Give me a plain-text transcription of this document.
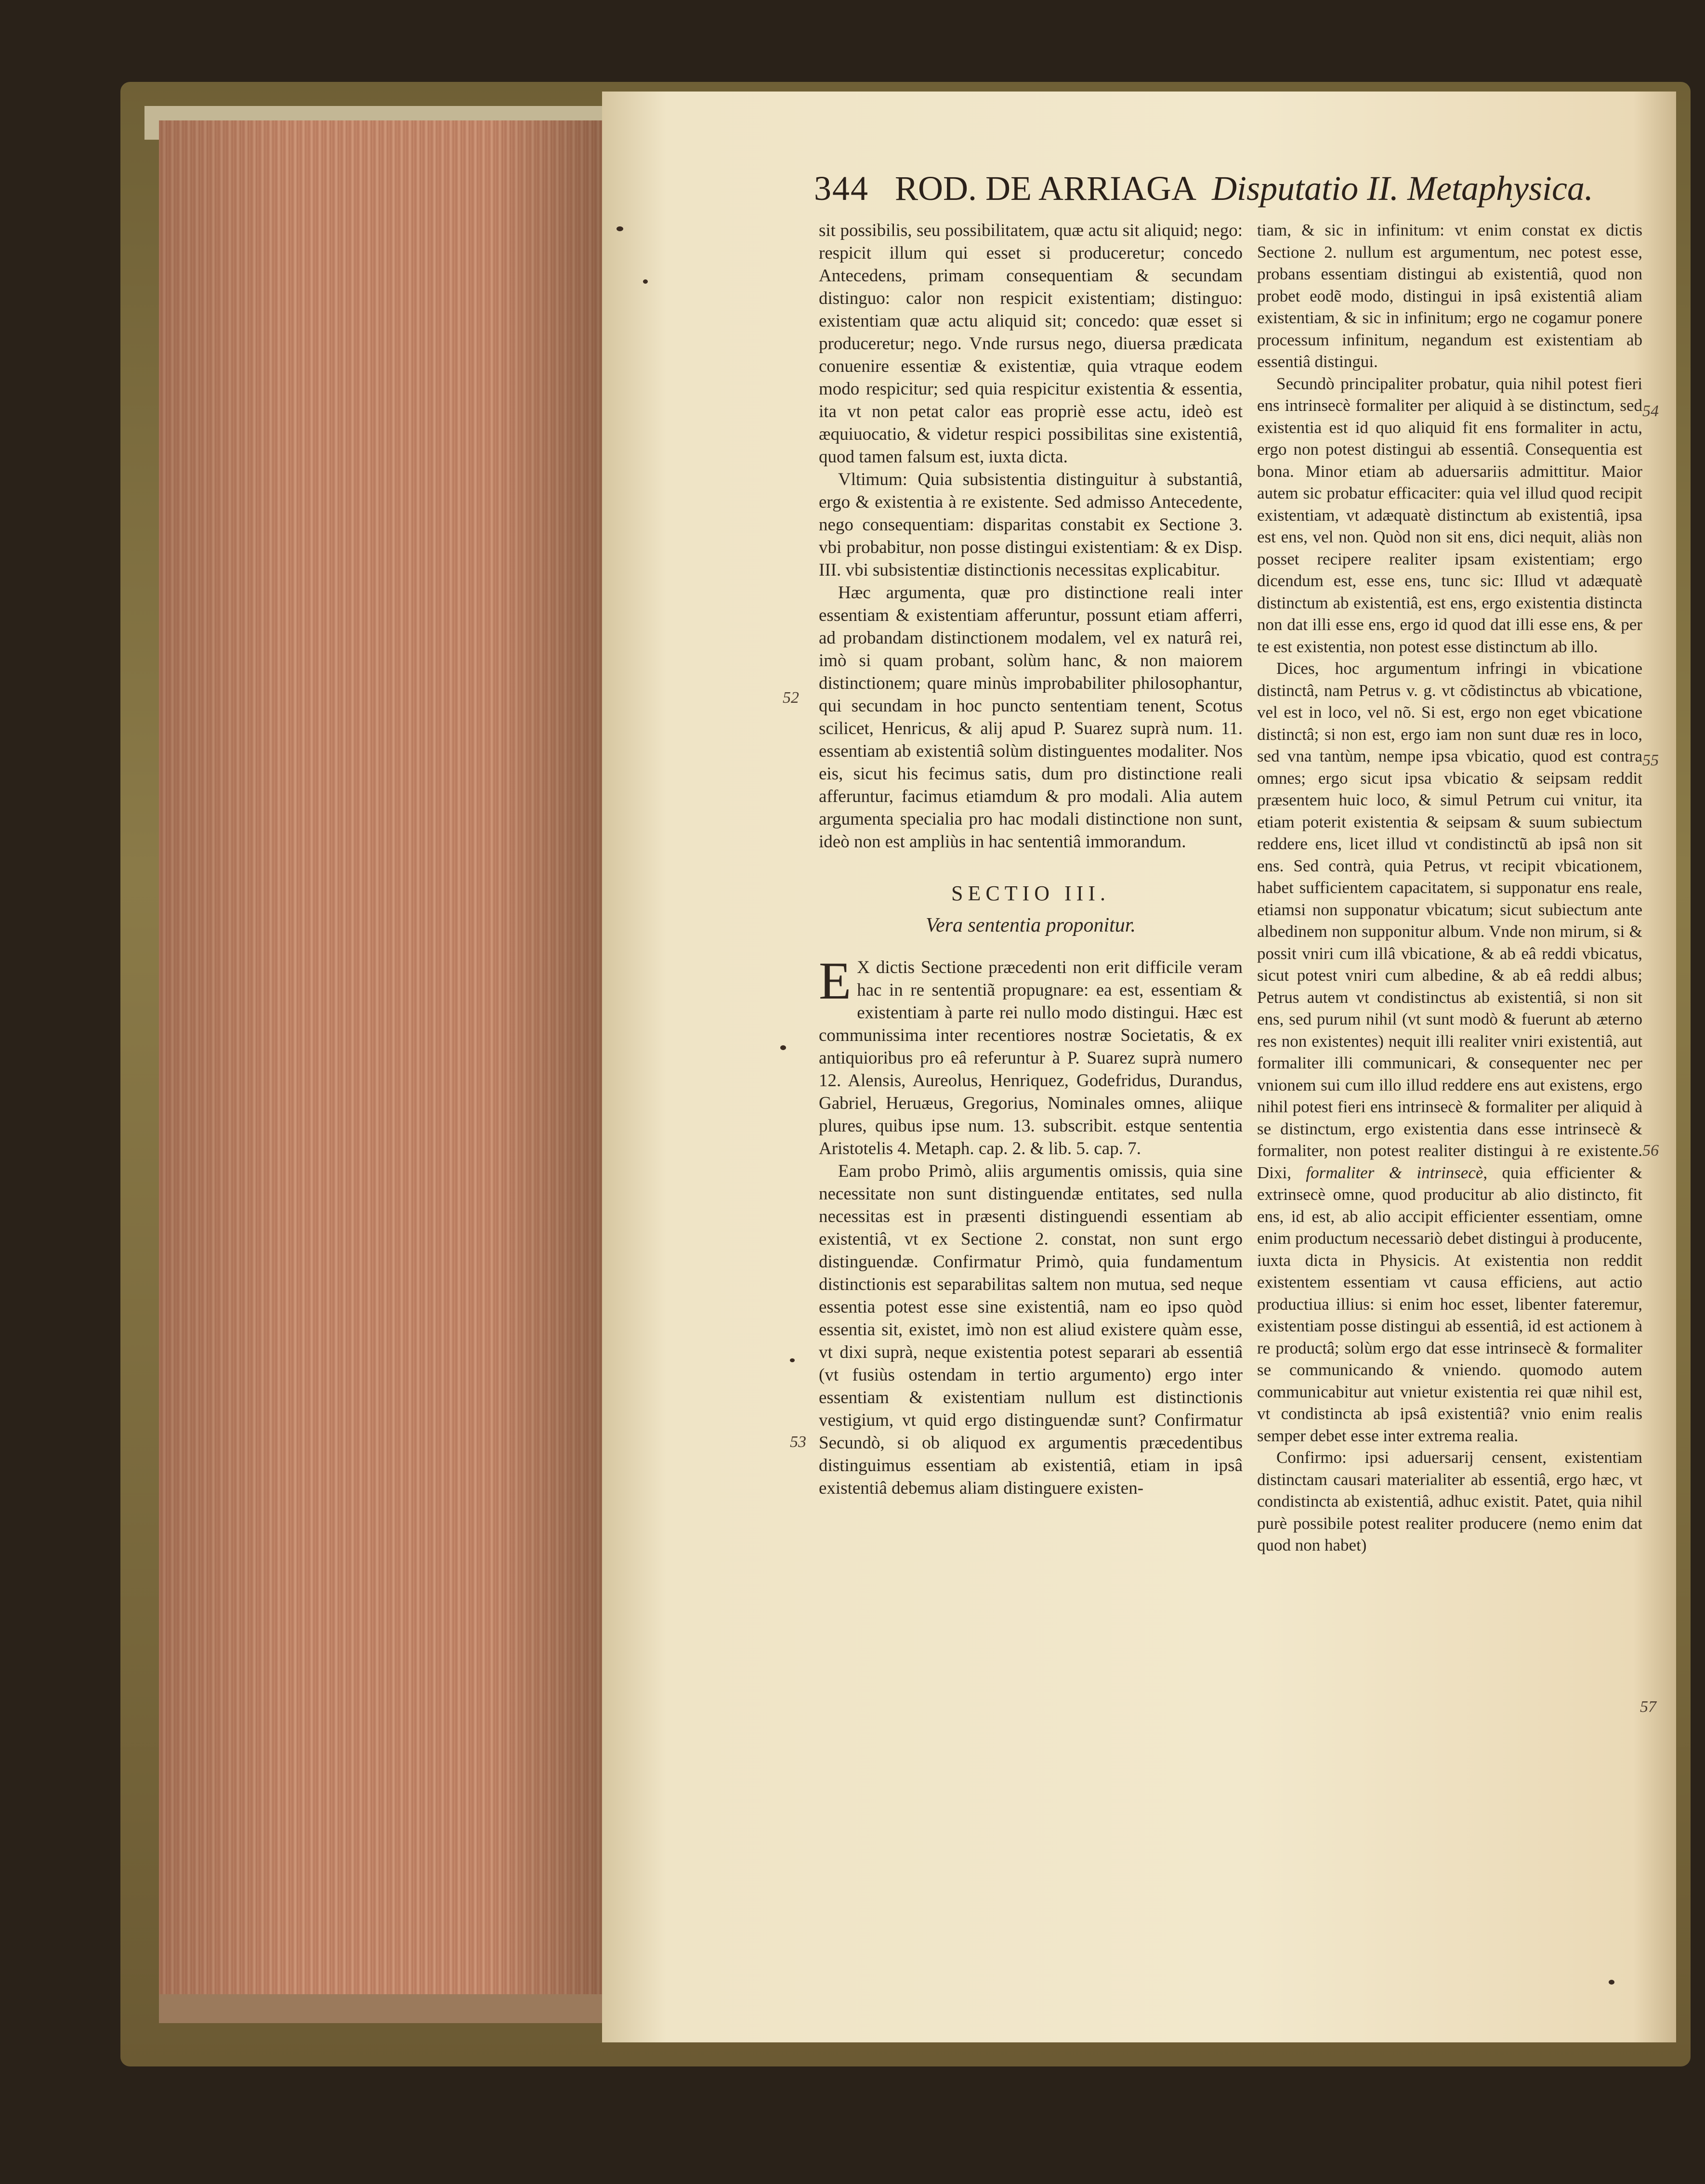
344 ROD. DE ARRIAGA Disputatio II. Metaphysica.

sit possibilis, seu possibilitatem, quæ actu sit aliquid; nego: respicit illum qui esset si produceretur; concedo Antecedens, primam consequentiam & secundam distinguo: calor non respicit existentiam; distinguo: existentiam quæ actu aliquid sit; concedo: quæ esset si produceretur; nego. Vnde rursus nego, diuersa prædicata conuenire essentiæ & existentiæ, quia vtraque eodem modo respicitur; sed quia respicitur existentia & essentia, ita vt non petat calor eas propriè esse actu, ideò est æquiuocatio, & videtur respici possibilitas sine existentiâ, quod tamen falsum est, iuxta dicta.

Vltimum: Quia subsistentia distinguitur à substantiâ, ergo & existentia à re existente. Sed admisso Antecedente, nego consequentiam: disparitas constabit ex Sectione 3. vbi probabitur, non posse distingui existentiam: & ex Disp. III. vbi subsistentiæ distinctionis necessitas explicabitur.

Hæc argumenta, quæ pro distinctione reali inter essentiam & existentiam afferuntur, possunt etiam afferri, ad probandam distinctionem modalem, vel ex naturâ rei, imò si quam probant, solùm hanc, & non maiorem distinctionem; quare minùs improbabiliter philosophantur, qui secundam in hoc puncto sententiam tenent, Scotus scilicet, Henricus, & alij apud P. Suarez suprà num. 11. essentiam ab existentiâ solùm distinguentes modaliter. Nos eis, sicut his fecimus satis, dum pro distinctione reali afferuntur, facimus etiamdum & pro modali. Alia autem argumenta specialia pro hac modali distinctione non sunt, ideò non est ampliùs in hac sententiâ immorandum.

SECTIO III.
Vera sententia proponitur.

E X dictis Sectione præcedenti non erit difficile veram hac in re sententiã propugnare: ea est, essentiam & existentiam à parte rei nullo modo distingui. Hæc est communissima inter recentiores nostræ Societatis, & ex antiquioribus pro eâ referuntur à P. Suarez suprà numero 12. Alensis, Aureolus, Henriquez, Godefridus, Durandus, Gabriel, Heruæus, Gregorius, Nominales omnes, aliique plures, quibus ipse num. 13. subscribit. estque sententia Aristotelis 4. Metaph. cap. 2. & lib. 5. cap. 7.

Eam probo Primò, aliis argumentis omissis, quia sine necessitate non sunt distinguendæ entitates, sed nulla necessitas est in præsenti distinguendi essentiam ab existentiâ, vt ex Sectione 2. constat, non sunt ergo distinguendæ. Confirmatur Primò, quia fundamentum distinctionis est separabilitas saltem non mutua, sed neque essentia potest esse sine existentiâ, nam eo ipso quòd essentia sit, existet, imò non est aliud existere quàm esse, vt dixi suprà, neque existentia potest separari ab essentiâ (vt fusiùs ostendam in tertio argumento) ergo inter essentiam & existentiam nullum est distinctionis vestigium, vt quid ergo distinguendæ sunt? Confirmatur Secundò, si ob aliquod ex argumentis præcedentibus distinguimus essentiam ab existentiâ, etiam in ipsâ existentiâ debemus aliam distinguere existen-

52
53

tiam, & sic in infinitum: vt enim constat ex dictis Sectione 2. nullum est argumentum, nec potest esse, probans essentiam distingui ab existentiâ, quod non probet eodẽ modo, distingui in ipsâ existentiâ aliam existentiam, & sic in infinitum; ergo ne cogamur ponere processum infinitum, negandum est existentiam ab essentiâ distingui.

Secundò principaliter probatur, quia nihil potest fieri ens intrinsecè formaliter per aliquid à se distinctum, sed existentia est id quo aliquid fit ens formaliter in actu, ergo non potest distingui ab essentiâ. Consequentia est bona. Minor etiam ab aduersariis admittitur. Maior autem sic probatur efficaciter: quia vel illud quod recipit existentiam, vt adæquatè distinctum ab existentiâ, ipsa est ens, vel non. Quòd non sit ens, dici nequit, aliàs non posset recipere realiter ipsam existentiam; ergo dicendum est, esse ens, tunc sic: Illud vt adæquatè distinctum ab existentiâ, est ens, ergo existentia distincta non dat illi esse ens, ergo id quod dat illi esse ens, & per te est existentia, non potest esse distinctum ab illo.

Dices, hoc argumentum infringi in vbicatione distinctâ, nam Petrus v. g. vt cõdistinctus ab vbicatione, vel est in loco, vel nõ. Si est, ergo non eget vbicatione distinctâ; si non est, ergo iam non sunt duæ res in loco, sed vna tantùm, nempe ipsa vbicatio, quod est contra omnes; ergo sicut ipsa vbicatio & seipsam reddit præsentem huic loco, & simul Petrum cui vnitur, ita etiam poterit existentia & seipsam & suum subiectum reddere ens, licet illud vt condistinctũ ab ipsâ non sit ens. Sed contrà, quia Petrus, vt recipit vbicationem, habet sufficientem capacitatem, si supponatur ens reale, etiamsi non supponatur vbicatum; sicut subiectum ante albedinem non supponitur album. Vnde non mirum, si & possit vniri cum illâ vbicatione, & ab eâ reddi vbicatus, sicut potest vniri cum albedine, & ab eâ reddi albus; Petrus autem vt condistinctus ab existentiâ, si non sit ens, sed purum nihil (vt sunt modò & fuerunt ab æterno res non existentes) nequit illi realiter vniri existentiâ, aut formaliter illi communicari, & consequenter nec per vnionem sui cum illo illud reddere ens aut existens, ergo nihil potest fieri ens intrinsecè & formaliter per aliquid à se distinctum, ergo existentia dans esse intrinsecè & formaliter, non potest realiter distingui à re existente. Dixi, formaliter & intrinsecè, quia efficienter & extrinsecè omne, quod producitur ab alio distincto, fit ens, id est, ab alio accipit efficienter essentiam, omne enim productum necessariò debet distingui à producente, iuxta dicta in Physicis. At existentia non reddit existentem essentiam vt causa efficiens, aut actio productiua illius: si enim hoc esset, libenter fateremur, existentiam posse distingui ab essentiâ, id est actionem à re productâ; solùm ergo dat esse intrinsecè & formaliter se communicando & vniendo. quomodo autem communicabitur aut vnietur existentia rei quæ nihil est, vt condistincta ab ipsâ existentiâ? vnio enim realis semper debet esse inter extrema realia.

Confirmo: ipsi aduersarij censent, existentiam distinctam causari materialiter ab essentiâ, ergo hæc, vt condistincta ab existentiâ, adhuc existit. Patet, quia nihil purè possibile potest realiter producere (nemo enim dat quod non habet)

54
55
56
57
